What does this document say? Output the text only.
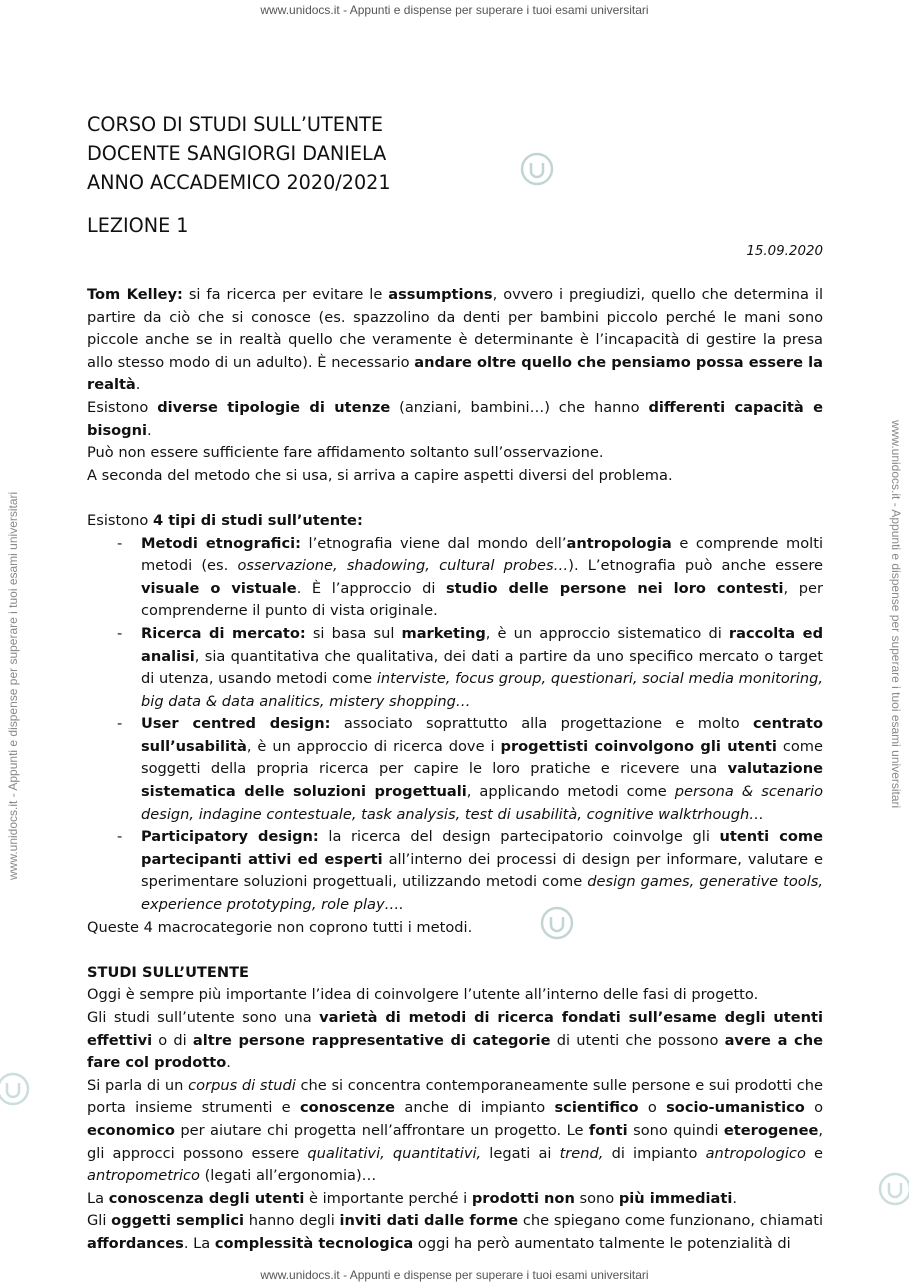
www.unidocs.it - Appunti e dispense per superare i tuoi esami universitari
www.unidocs.it - Appunti e dispense per superare i tuoi esami universitari
www.unidocs.it - Appunti e dispense per superare i tuoi esami universitari	www.unidocs.it - Appunti e dispense per superare i tuoi esami universitari

CORSO DI STUDI SULL’UTENTE

DOCENTE SANGIORGI DANIELA

ANNO ACCADEMICO 2020/2021

LEZIONE 1

15.09.2020

Tom Kelley: si fa ricerca per evitare le assumptions, ovvero i pregiudizi, quello che determina il partire da ciò che si conosce (es. spazzolino da denti per bambini piccolo perché le mani sono piccole anche se in realtà quello che veramente è determinante è l’incapacità di gestire la presa allo stesso modo di un adulto). È necessario andare oltre quello che pensiamo possa essere la realtà.

Esistono diverse tipologie di utenze (anziani, bambini…) che hanno differenti capacità e bisogni.

Può non essere sufficiente fare affidamento soltanto sull’osservazione.

A seconda del metodo che si usa, si arriva a capire aspetti diversi del problema.

Esistono 4 tipi di studi sull’utente:

- Metodi etnografici: l’etnografia viene dal mondo dell’antropologia e comprende molti metodi (es. osservazione, shadowing, cultural probes…). L’etnografia può anche essere visuale o vistuale. È l’approccio di studio delle persone nei loro contesti, per comprenderne il punto di vista originale.
- Ricerca di mercato: si basa sul marketing, è un approccio sistematico di raccolta ed analisi, sia quantitativa che qualitativa, dei dati a partire da uno specifico mercato o target di utenza, usando metodi come interviste, focus group, questionari, social media monitoring, big data & data analitics, mistery shopping…
- User centred design: associato soprattutto alla progettazione e molto centrato sull’usabilità, è un approccio di ricerca dove i progettisti coinvolgono gli utenti come soggetti della propria ricerca per capire le loro pratiche e ricevere una valutazione sistematica delle soluzioni progettuali, applicando metodi come persona & scenario design, indagine contestuale, task analysis, test di usabilità, cognitive walktrhough…
- Participatory design: la ricerca del design partecipatorio coinvolge gli utenti come partecipanti attivi ed esperti all’interno dei processi di design per informare, valutare e sperimentare soluzioni progettuali, utilizzando metodi come design games, generative tools, experience prototyping, role play….

Queste 4 macrocategorie non coprono tutti i metodi.

STUDI SULL’UTENTE

Oggi è sempre più importante l’idea di coinvolgere l’utente all’interno delle fasi di progetto.

Gli studi sull’utente sono una varietà di metodi di ricerca fondati sull’esame degli utenti effettivi o di altre persone rappresentative di categorie di utenti che possono avere a che fare col prodotto.

Si parla di un corpus di studi che si concentra contemporaneamente sulle persone e sui prodotti che porta insieme strumenti e conoscenze anche di impianto scientifico o socio-umanistico o economico per aiutare chi progetta nell’affrontare un progetto. Le fonti sono quindi eterogenee, gli approcci possono essere qualitativi, quantitativi, legati ai trend, di impianto antropologico e antropometrico (legati all’ergonomia)…

La conoscenza degli utenti è importante perché i prodotti non sono più immediati.

Gli oggetti semplici hanno degli inviti dati dalle forme che spiegano come funzionano, chiamati affordances. La complessità tecnologica oggi ha però aumentato talmente le potenzialità di
